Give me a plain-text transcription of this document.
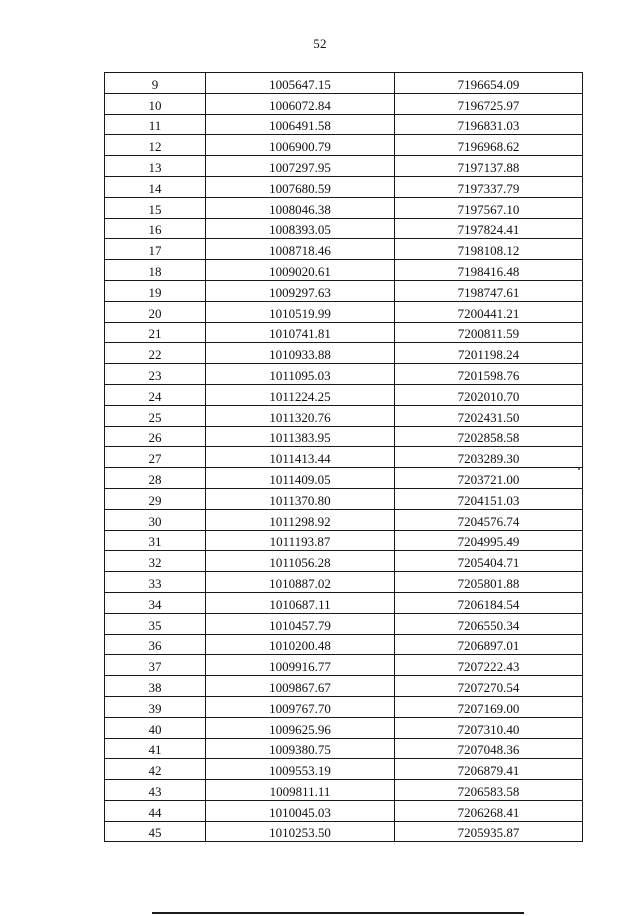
52
9	1005647.15	7196654.09
10	1006072.84	7196725.97
11	1006491.58	7196831.03
12	1006900.79	7196968.62
13	1007297.95	7197137.88
14	1007680.59	7197337.79
15	1008046.38	7197567.10
16	1008393.05	7197824.41
17	1008718.46	7198108.12
18	1009020.61	7198416.48
19	1009297.63	7198747.61
20	1010519.99	7200441.21
21	1010741.81	7200811.59
22	1010933.88	7201198.24
23	1011095.03	7201598.76
24	1011224.25	7202010.70
25	1011320.76	7202431.50
26	1011383.95	7202858.58
27	1011413.44	7203289.30
28	1011409.05	7203721.00
29	1011370.80	7204151.03
30	1011298.92	7204576.74
31	1011193.87	7204995.49
32	1011056.28	7205404.71
33	1010887.02	7205801.88
34	1010687.11	7206184.54
35	1010457.79	7206550.34
36	1010200.48	7206897.01
37	1009916.77	7207222.43
38	1009867.67	7207270.54
39	1009767.70	7207169.00
40	1009625.96	7207310.40
41	1009380.75	7207048.36
42	1009553.19	7206879.41
43	1009811.11	7206583.58
44	1010045.03	7206268.41
45	1010253.50	7205935.87
